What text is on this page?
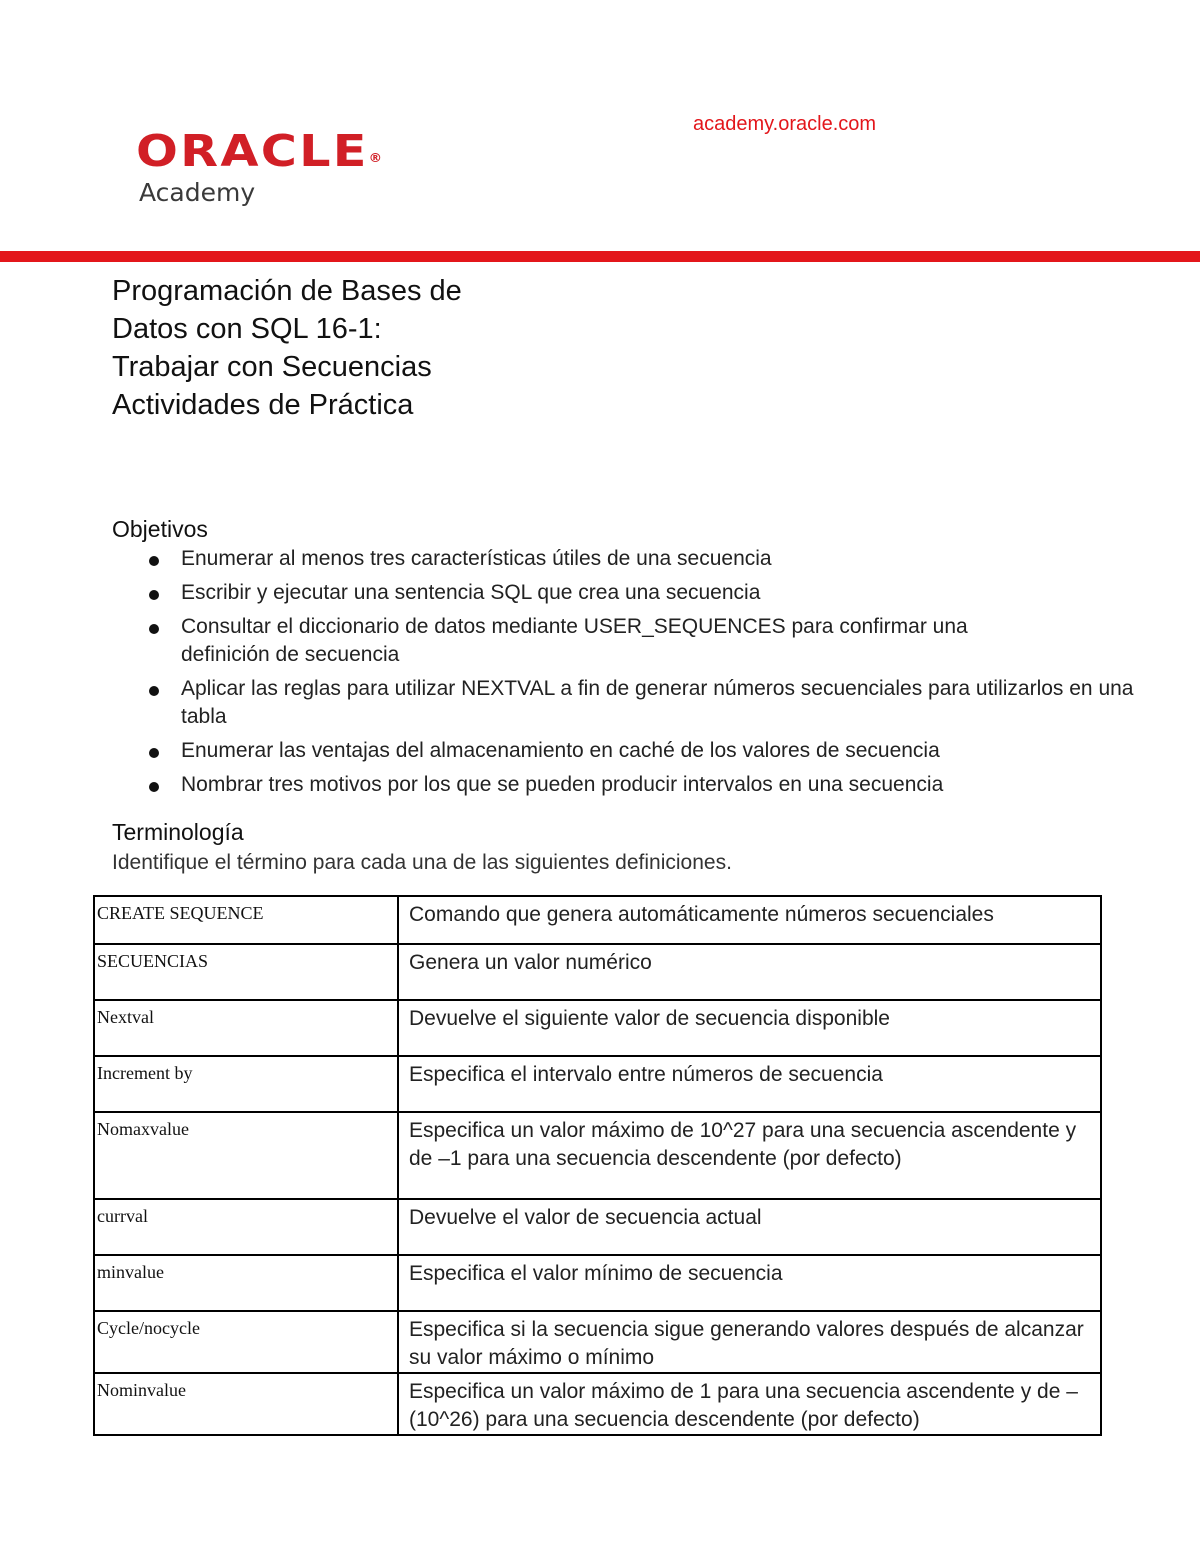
ORACLE®
Academy
academy.oracle.com
Programación de Bases de
Datos con SQL 16-1:
Trabajar con Secuencias
Actividades de Práctica
Objetivos
Enumerar al menos tres características útiles de una secuencia
Escribir y ejecutar una sentencia SQL que crea una secuencia
Consultar el diccionario de datos mediante USER_SEQUENCES para confirmar una definición de secuencia
Aplicar las reglas para utilizar NEXTVAL a fin de generar números secuenciales para utilizarlos en una tabla
Enumerar las ventajas del almacenamiento en caché de los valores de secuencia
Nombrar tres motivos por los que se pueden producir intervalos en una secuencia
Terminología
Identifique el término para cada una de las siguientes definiciones.
CREATE SEQUENCE	Comando que genera automáticamente números secuenciales
SECUENCIAS	Genera un valor numérico
Nextval	Devuelve el siguiente valor de secuencia disponible
Increment by	Especifica el intervalo entre números de secuencia
Nomaxvalue	Especifica un valor máximo de 10^27 para una secuencia ascendente y de –1 para una secuencia descendente (por defecto)
currval	Devuelve el valor de secuencia actual
minvalue	Especifica el valor mínimo de secuencia
Cycle/nocycle	Especifica si la secuencia sigue generando valores después de alcanzar su valor máximo o mínimo
Nominvalue	Especifica un valor máximo de 1 para una secuencia ascendente y de – (10^26) para una secuencia descendente (por defecto)
